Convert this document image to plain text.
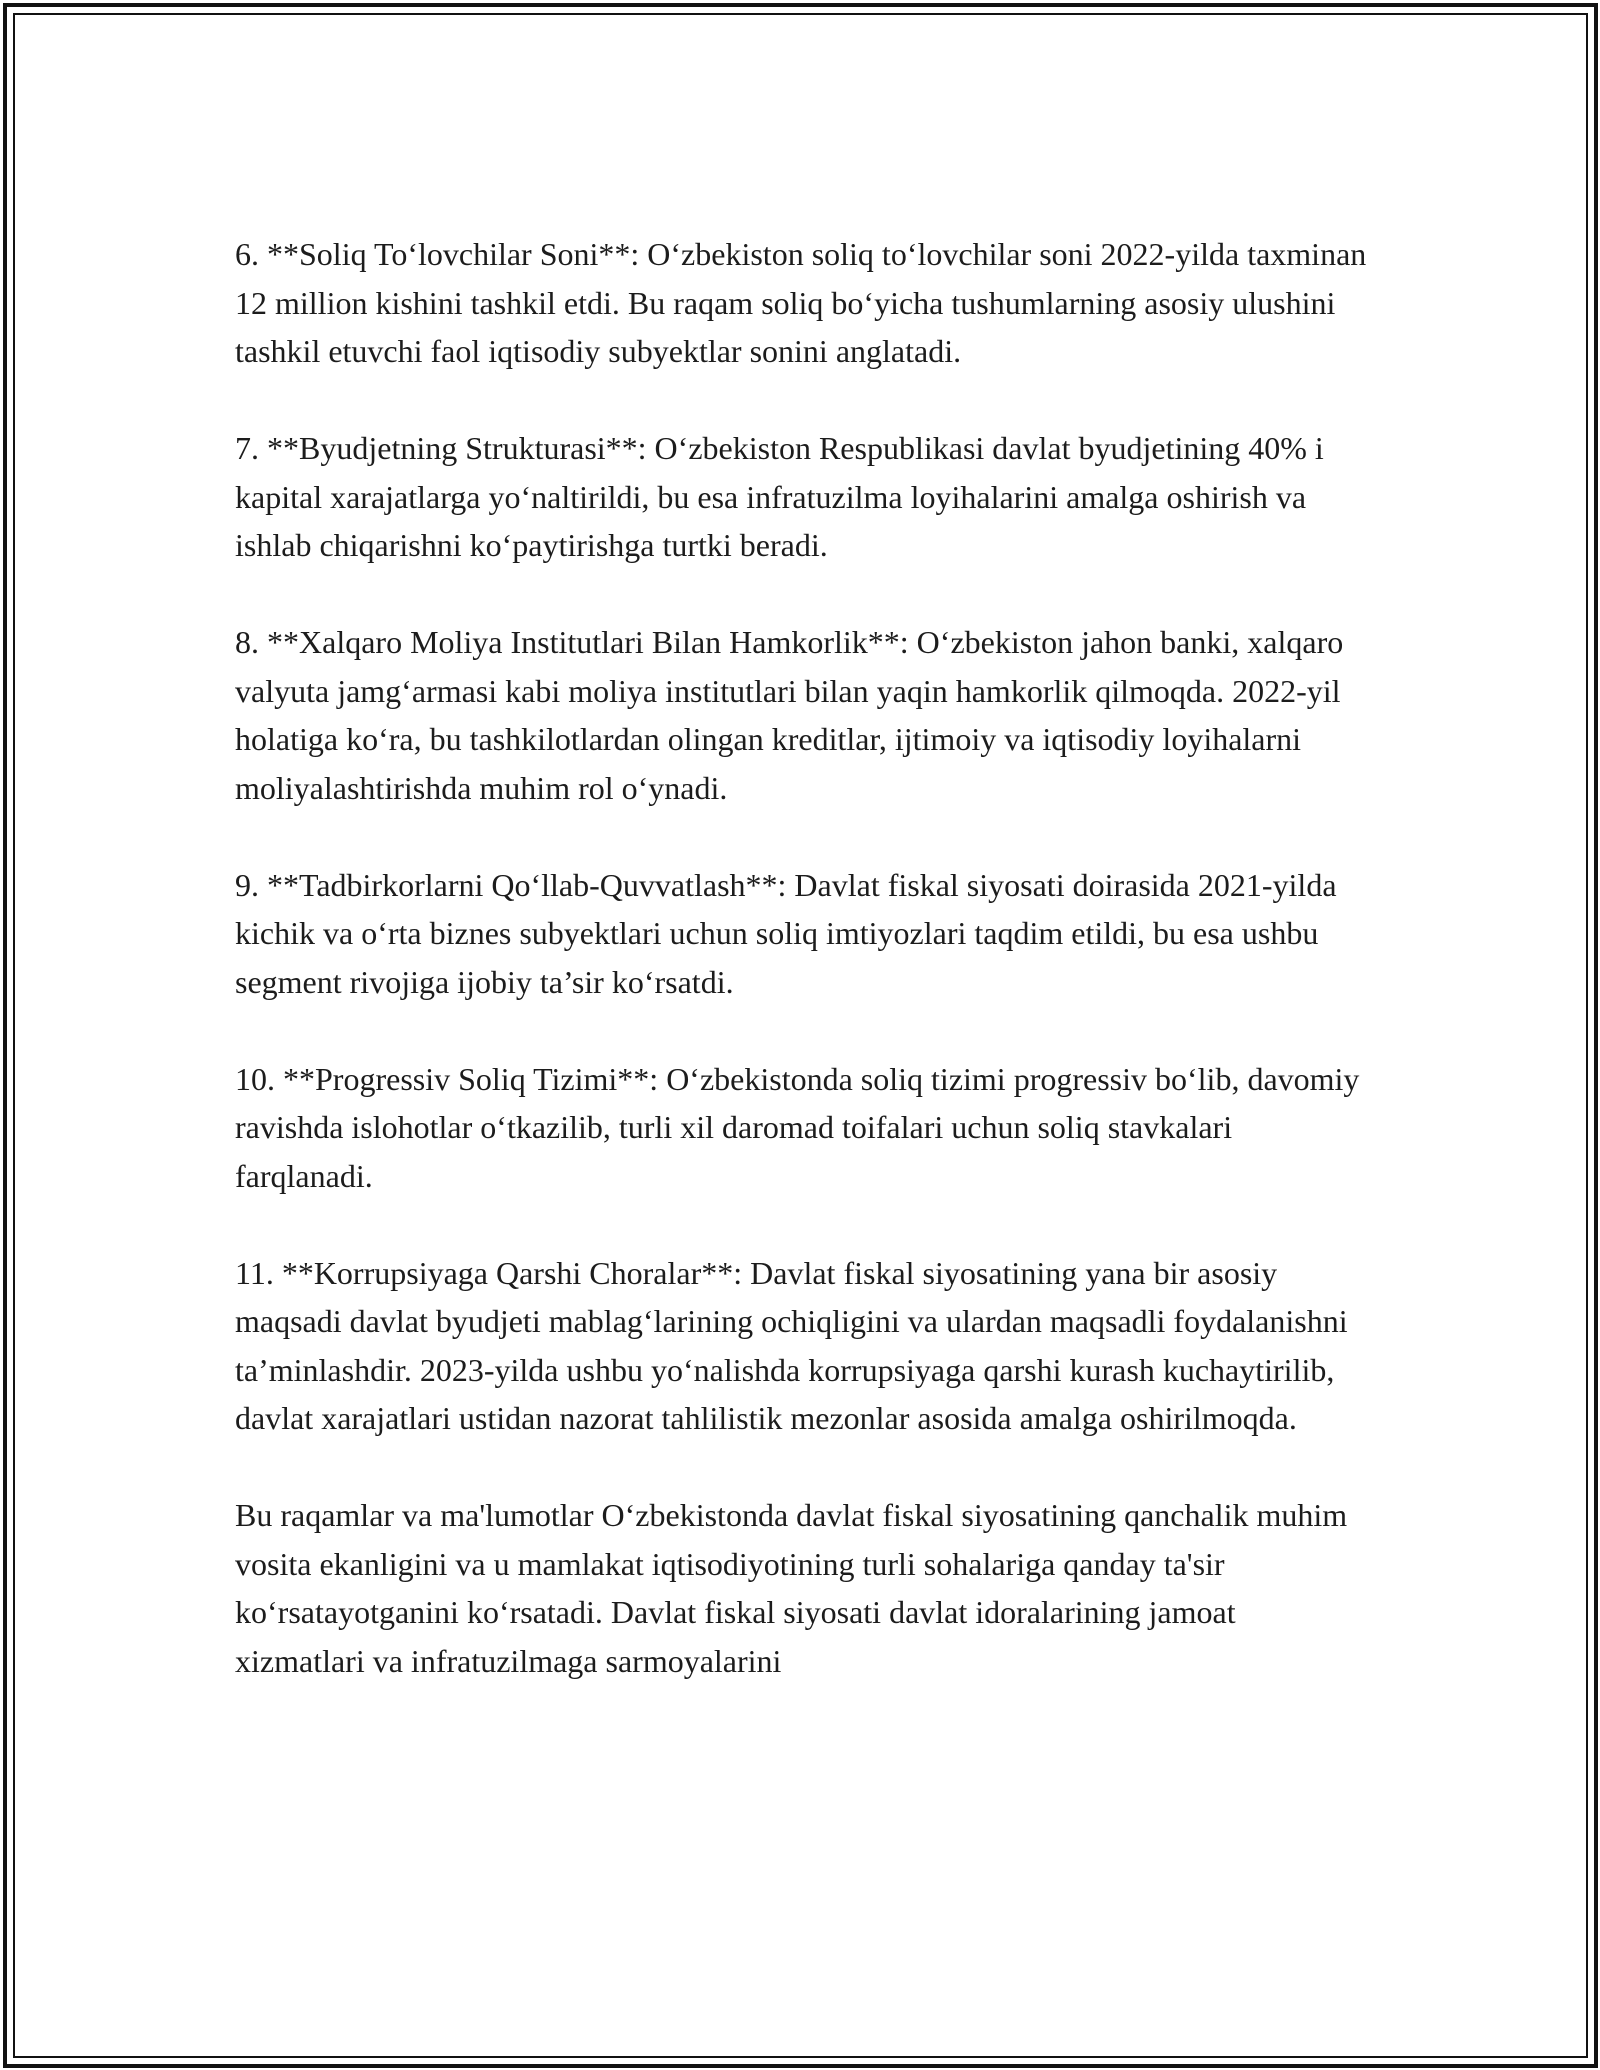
6. **Soliq To‘lovchilar Soni**: O‘zbekiston soliq to‘lovchilar soni 2022-yilda taxminan 12 million kishini tashkil etdi. Bu raqam soliq bo‘yicha tushumlarning asosiy ulushini tashkil etuvchi faol iqtisodiy subyektlar sonini anglatadi.

7. **Byudjetning Strukturasi**: O‘zbekiston Respublikasi davlat byudjetining 40% i kapital xarajatlarga yo‘naltirildi, bu esa infratuzilma loyihalarini amalga oshirish va ishlab chiqarishni ko‘paytirishga turtki beradi.

8. **Xalqaro Moliya Institutlari Bilan Hamkorlik**: O‘zbekiston jahon banki, xalqaro valyuta jamg‘armasi kabi moliya institutlari bilan yaqin hamkorlik qilmoqda. 2022-yil holatiga ko‘ra, bu tashkilotlardan olingan kreditlar, ijtimoiy va iqtisodiy loyihalarni moliyalashtirishda muhim rol o‘ynadi.

9. **Tadbirkorlarni Qo‘llab-Quvvatlash**: Davlat fiskal siyosati doirasida 2021-yilda kichik va o‘rta biznes subyektlari uchun soliq imtiyozlari taqdim etildi, bu esa ushbu segment rivojiga ijobiy ta’sir ko‘rsatdi.

10. **Progressiv Soliq Tizimi**: O‘zbekistonda soliq tizimi progressiv bo‘lib, davomiy ravishda islohotlar o‘tkazilib, turli xil daromad toifalari uchun soliq stavkalari farqlanadi.

11. **Korrupsiyaga Qarshi Choralar**: Davlat fiskal siyosatining yana bir asosiy maqsadi davlat byudjeti mablag‘larining ochiqligini va ulardan maqsadli foydalanishni ta’minlashdir. 2023-yilda ushbu yo‘nalishda korrupsiyaga qarshi kurash kuchaytirilib, davlat xarajatlari ustidan nazorat tahlilistik mezonlar asosida amalga oshirilmoqda.

Bu raqamlar va ma'lumotlar O‘zbekistonda davlat fiskal siyosatining qanchalik muhim vosita ekanligini va u mamlakat iqtisodiyotining turli sohalariga qanday ta'sir ko‘rsatayotganini ko‘rsatadi. Davlat fiskal siyosati davlat idoralarining jamoat xizmatlari va infratuzilmaga sarmoyalarini
